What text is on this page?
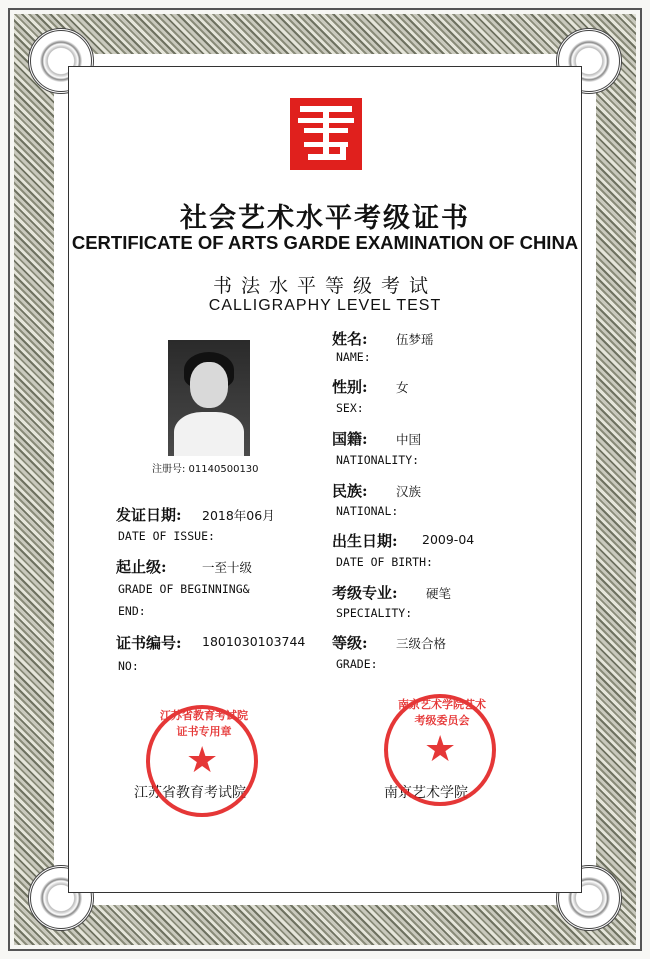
社会艺术水平考级证书
CERTIFICATE OF ARTS GARDE EXAMINATION OF CHINA
书法水平等级考试
CALLIGRAPHY LEVEL TEST
注册号: 01140500130
姓名: 伍梦瑶
NAME:
性别: 女
SEX:
国籍: 中国
NATIONALITY:
民族: 汉族
NATIONAL:
出生日期: 2009-04
DATE OF BIRTH:
考级专业: 硬笔
SPECIALITY:
等级: 三级合格
GRADE:
发证日期: 2018年06月
DATE OF ISSUE:
起止级:	一至十级
GRADE OF BEGINNING&
END:
证书编号: 1801030103744
NO:
江苏省教育考试院
★
江苏省教育考试院 证书专用章
南京艺术学院
★
南京艺术学院艺术考级委员会
